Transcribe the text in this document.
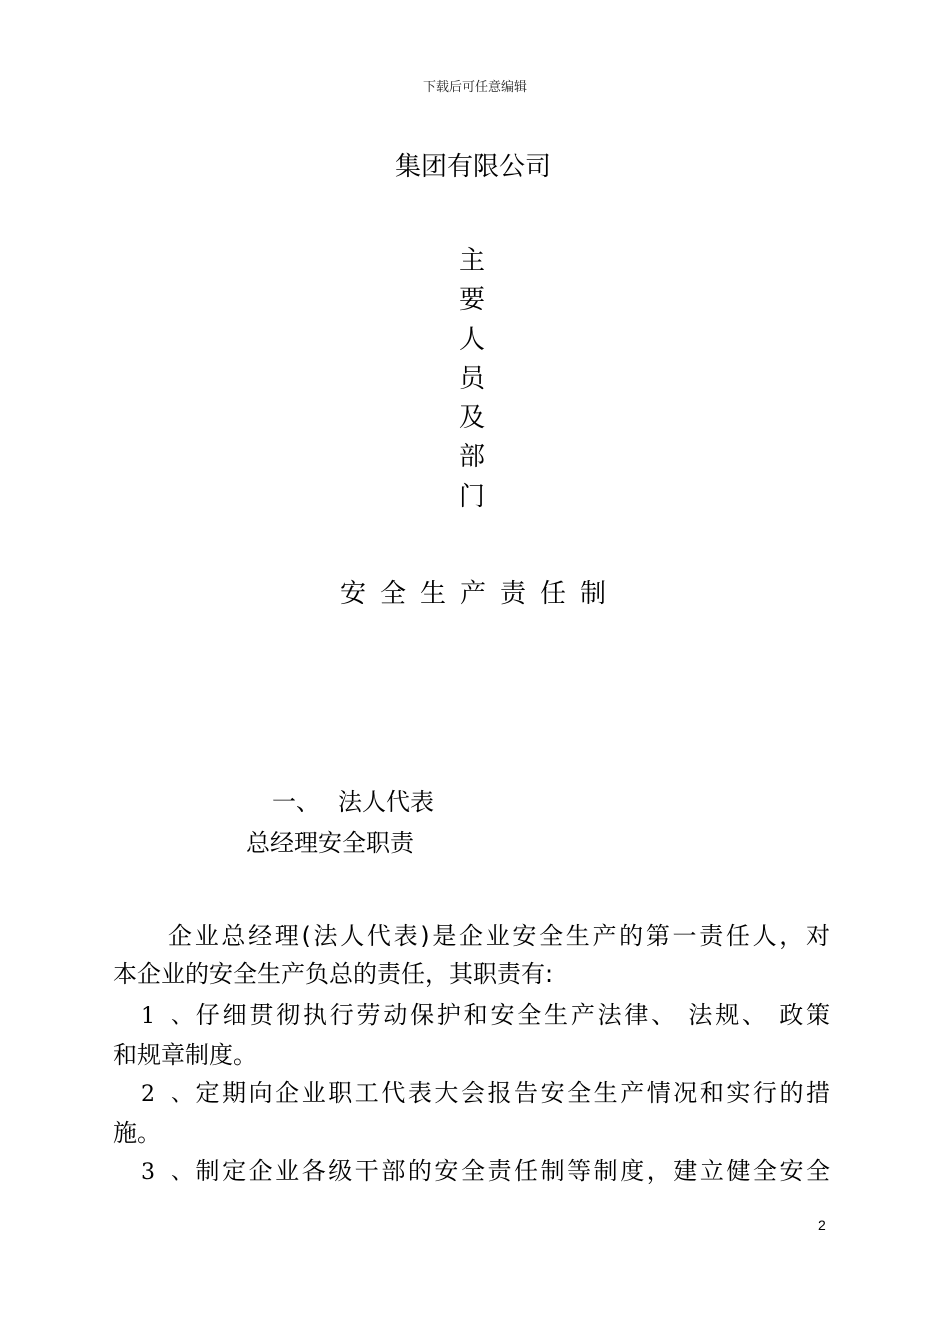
下载后可任意编辑
集团有限公司
主
要
人
员
及
部
门
安全生产责任制
一、 法人代表
总经理安全职责
企业总经理(法人代表)是企业安全生产的第一责任人，对
本企业的安全生产负总的责任，其职责有:
1、仔细贯彻执行劳动保护和安全生产法律、 法规、 政策
和规章制度。
2、定期向企业职工代表大会报告安全生产情况和实行的措
施。
3、制定企业各级干部的安全责任制等制度，建立健全安全
2
